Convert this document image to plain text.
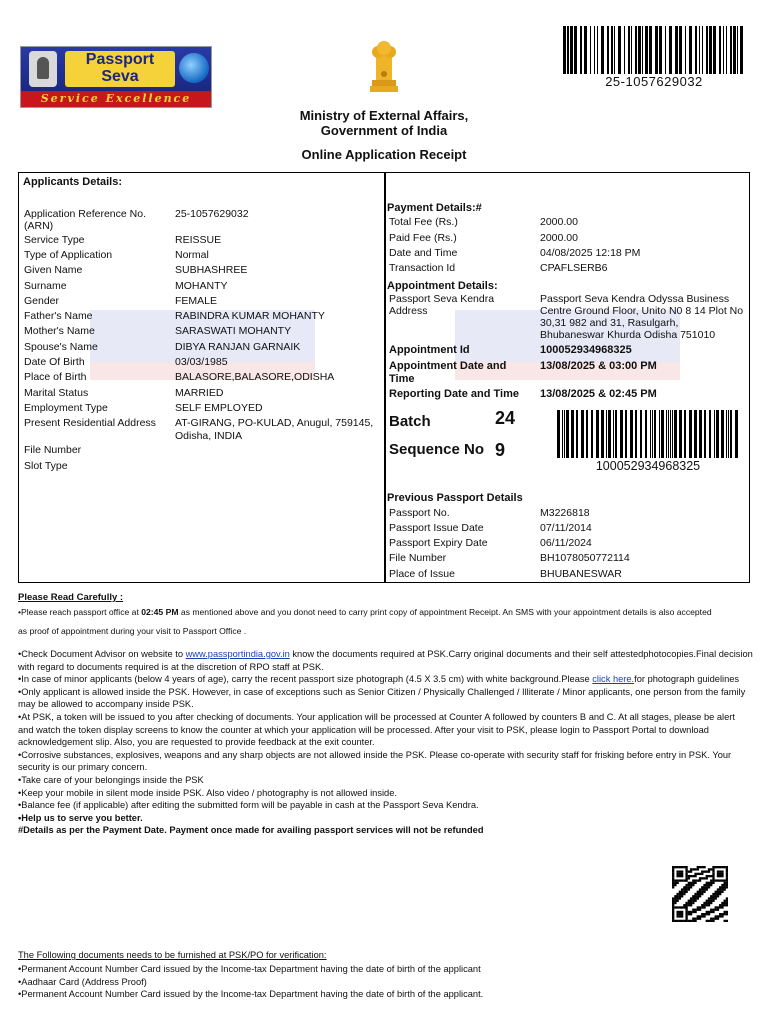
Passport
Seva
Service Excellence
25-1057629032
Ministry of External Affairs,
Government of India
Online Application Receipt
Applicants Details:
Application Reference No. (ARN)
25-1057629032
Service Type	REISSUE
Type of Application	Normal
Given Name	SUBHASHREE
Surname	MOHANTY
Gender	FEMALE
Father's Name	RABINDRA KUMAR MOHANTY
Mother's Name	SARASWATI MOHANTY
Spouse's Name	DIBYA RANJAN GARNAIK
Date Of Birth	03/03/1985
Place of Birth	BALASORE,BALASORE,ODISHA
Marital Status	MARRIED
Employment Type	SELF EMPLOYED
Present Residential Address	AT-GIRANG, PO-KULAD, Anugul, 759145, Odisha, INDIA
File Number
Slot Type
Payment Details:#
Total Fee (Rs.)	2000.00
Paid Fee (Rs.)	2000.00
Date and Time	04/08/2025 12:18 PM
Transaction Id	CPAFLSERB6
Appointment Details:
Passport Seva Kendra Address
Passport Seva Kendra Odyssa Business Centre Ground Floor, Unito N0 8 14 Plot No 30,31 982 and 31, Rasulgarh, Bhubaneswar Khurda Odisha 751010
Appointment Id	100052934968325
Appointment Date and Time
13/08/2025 & 03:00 PM
Reporting Date and Time 13/08/2025 & 02:45 PM
Batch	24
Sequence No 9
100052934968325
Previous Passport Details
Passport No.	M3226818
Passport Issue Date	07/11/2014
Passport Expiry Date	06/11/2024
File Number	BH1078050772114
Place of Issue	BHUBANESWAR
Please Read Carefully :
•Please reach passport office at 02:45 PM as mentioned above and you donot need to carry print copy of appointment Receipt. An SMS with your appointment details is also accepted
as proof of appointment during your visit to Passport Office .

•Check Document Advisor on website to www.passportindia.gov.in know the documents required at PSK.Carry original documents and their self attestedphotocopies.Final decision with regard to documents required is at the discretion of RPO staff at PSK.

•In case of minor applicants (below 4 years of age), carry the recent passport size photograph (4.5 X 3.5 cm) with white background.Please click here.for photograph guidelines

•Only applicant is allowed inside the PSK. However, in case of exceptions such as Senior Citizen / Physically Challenged / Illiterate / Minor applicants, one person from the family may be allowed to accompany inside PSK.

•At PSK, a token will be issued to you after checking of documents. Your application will be processed at Counter A followed by counters B and C. At all stages, please be alert and watch the token display screens to know the counter at which your application will be processed. After your visit to PSK, please login to Passport Portal to download acknowledgement slip. Also, you are requested to provide feedback at the exit counter.

•Corrosive substances, explosives, weapons and any sharp objects are not allowed inside the PSK. Please co-operate with security staff for frisking before entry in PSK. Your security is our primary concern.

•Take care of your belongings inside the PSK

•Keep your mobile in silent mode inside PSK. Also video / photography is not allowed inside.

•Balance fee (if applicable) after editing the submitted form will be payable in cash at the Passport Seva Kendra.

•Help us to serve you better.

#Details as per the Payment Date. Payment once made for availing passport services will not be refunded

The Following documents needs to be furnished at PSK/PO for verification:

•Permanent Account Number Card issued by the Income-tax Department having the date of birth of the applicant

•Aadhaar Card (Address Proof)

•Permanent Account Number Card issued by the Income-tax Department having the date of birth of the applicant.
